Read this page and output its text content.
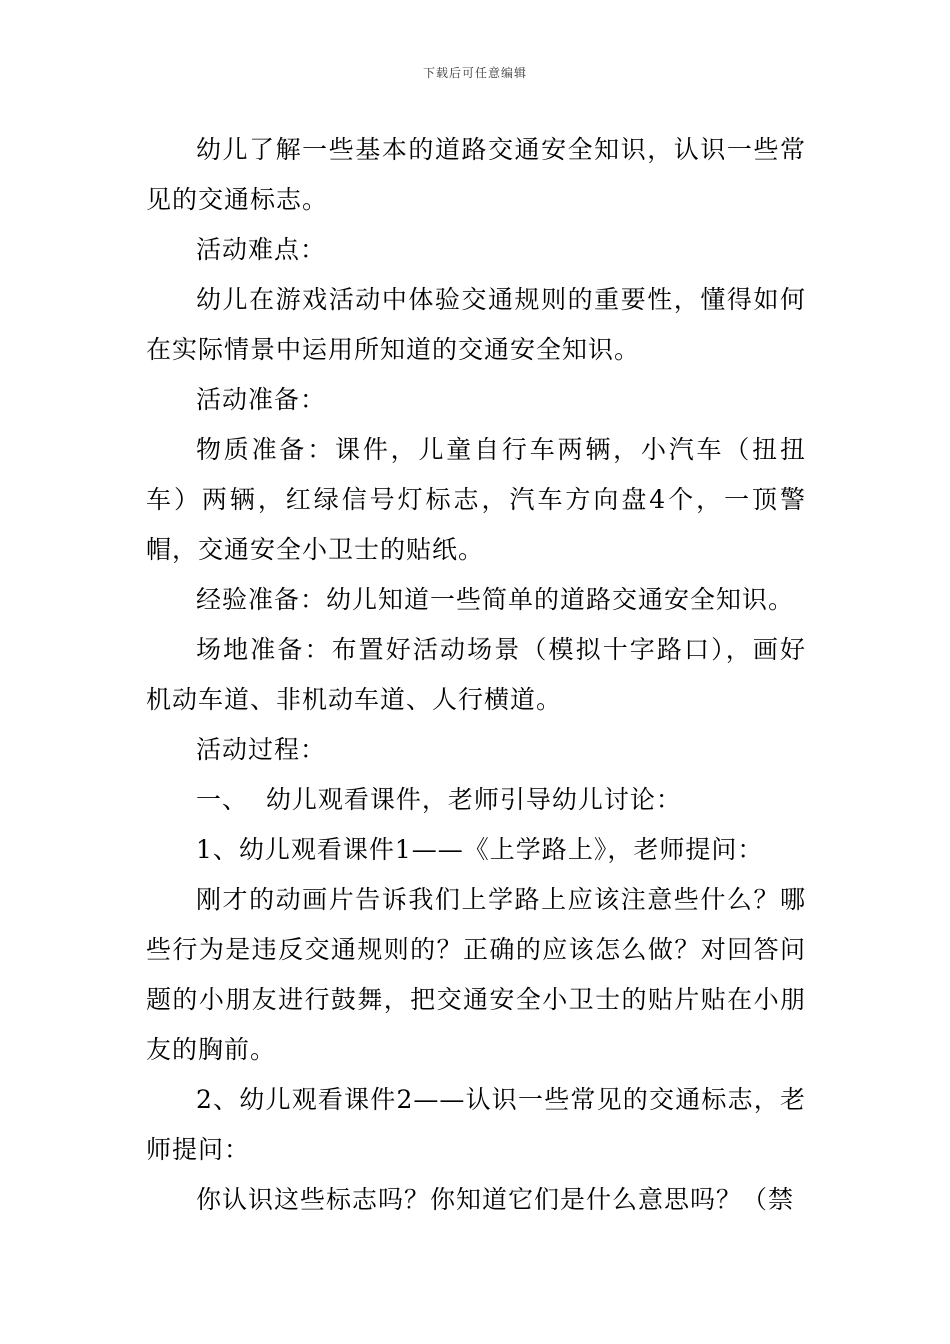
下载后可任意编辑

幼儿了解一些基本的道路交通安全知识，认识一些常见的交通标志。

活动难点：

幼儿在游戏活动中体验交通规则的重要性，懂得如何在实际情景中运用所知道的交通安全知识。

活动准备：

物质准备：课件，儿童自行车两辆，小汽车（扭扭车）两辆，红绿信号灯标志，汽车方向盘4个，一顶警帽，交通安全小卫士的贴纸。

经验准备：幼儿知道一些简单的道路交通安全知识。

场地准备：布置好活动场景（模拟十字路口），画好机动车道、非机动车道、人行横道。

活动过程：

一、  幼儿观看课件，老师引导幼儿讨论：

1、幼儿观看课件1——《上学路上》，老师提问：

刚才的动画片告诉我们上学路上应该注意些什么？哪些行为是违反交通规则的？正确的应该怎么做？对回答问题的小朋友进行鼓舞，把交通安全小卫士的贴片贴在小朋友的胸前。

2、幼儿观看课件2——认识一些常见的交通标志，老师提问：

你认识这些标志吗？你知道它们是什么意思吗？（禁
